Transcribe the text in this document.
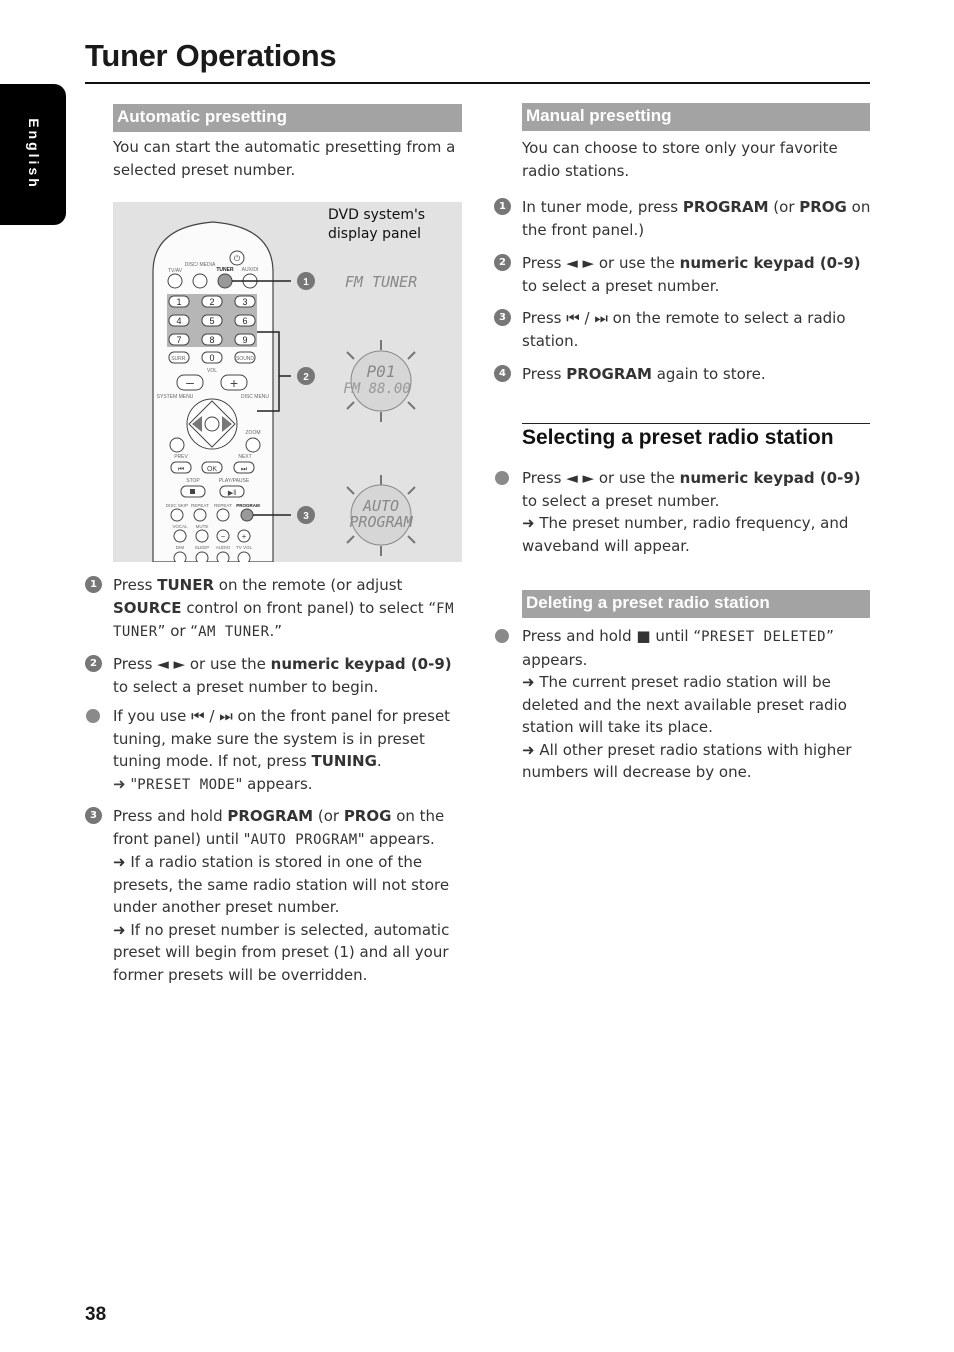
Tuner Operations
English
Automatic presetting
You can start the automatic presetting from a selected preset number.
DVD system's
display panel
⏻
TV/AV
DISC/ MEDIA
TUNER AUX/DI
1	2	3
4	5	6
7	8	9
SURR.	0	SOUND
VOL
–	+
SYSTEM MENU	DISC MENU
ZOOM
PREV	NEXT
⏮	OK	⏭
STOP	PLAY/PAUSE
▶‖
DISC SKIP REPEAT REPEAT PROGRAM
VOCAL MUTE
− +
DIM SLEEP AUDIO TV VOL
1
2
3
FM TUNER
P01
FM 88.00
AUTO
PROGRAM
1	Press TUNER on the remote (or adjust SOURCE control on front panel) to select “FM TUNER” or “AM TUNER.”
2	Press ◄ ► or use the numeric keypad (0-9) to select a preset number to begin.
If you use ⏮ / ⏭ on the front panel for preset tuning, make sure the system is in preset tuning mode. If not, press TUNING.
➜ "PRESET MODE" appears.
3	Press and hold PROGRAM (or PROG on the front panel) until "AUTO PROGRAM" appears.
➜ If a radio station is stored in one of the presets, the same radio station will not store under another preset number.
➜ If no preset number is selected, automatic preset will begin from preset (1) and all your former presets will be overridden.
Manual presetting
You can choose to store only your favorite radio stations.
1	In tuner mode, press PROGRAM (or PROG on the front panel.)
2	Press ◄ ► or use the numeric keypad (0-9) to select a preset number.
3	Press ⏮ / ⏭ on the remote to select a radio station.
4	Press PROGRAM again to store.
Selecting a preset radio station
Press ◄ ► or use the numeric keypad (0-9) to select a preset number.
➜ The preset number, radio frequency, and waveband will appear.
Deleting a preset radio station
Press and hold ■ until “PRESET DELETED” appears.
➜ The current preset radio station will be deleted and the next available preset radio station will take its place.
➜ All other preset radio stations with higher numbers will decrease by one.
38
